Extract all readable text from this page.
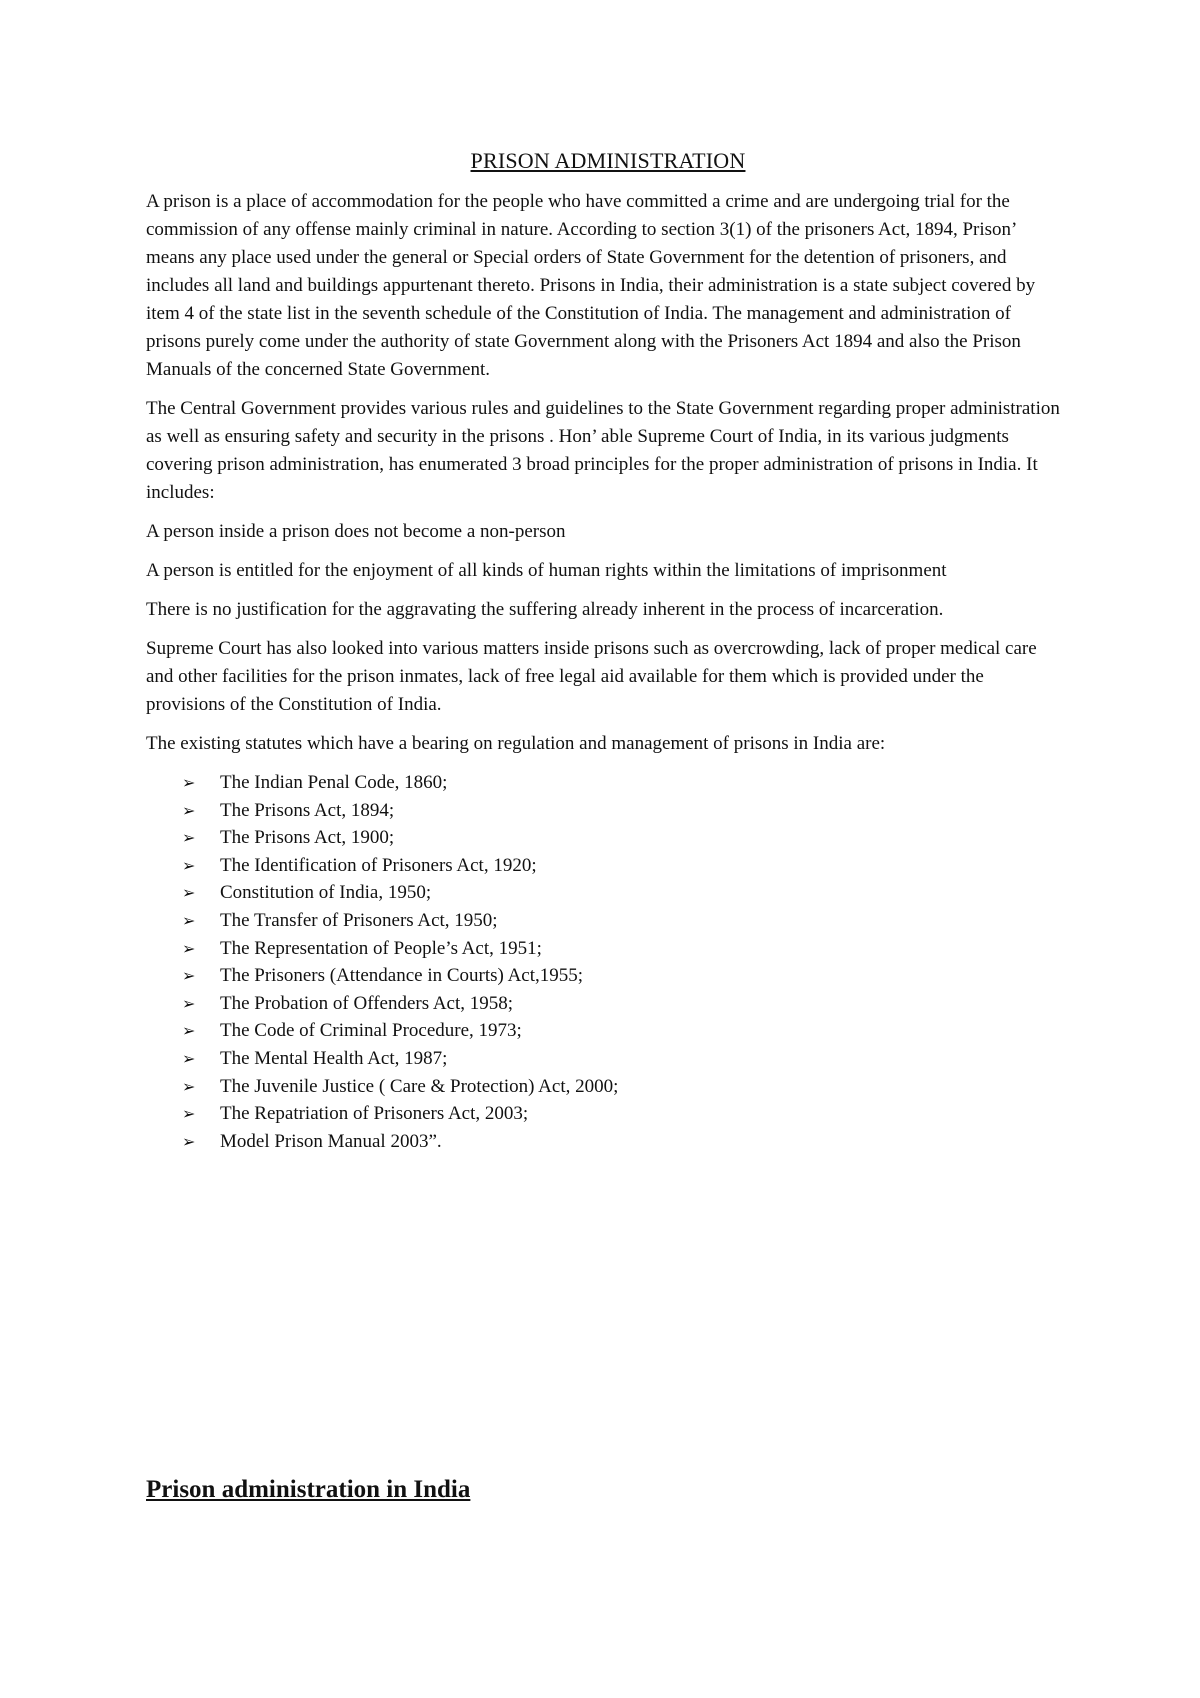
PRISON ADMINISTRATION

A prison is a place of accommodation for the people who have committed a crime and are undergoing trial for the commission of any offense mainly criminal in nature. According to section 3(1) of the prisoners Act, 1894, Prison’ means any place used under the general or Special orders of State Government for the detention of prisoners, and includes all land and buildings appurtenant thereto. Prisons in India, their administration is a state subject covered by item 4 of the state list in the seventh schedule of the Constitution of India. The management and administration of prisons purely come under the authority of state Government along with the Prisoners Act 1894 and also the Prison Manuals of the concerned State Government.

The Central Government provides various rules and guidelines to the State Government regarding proper administration as well as ensuring safety and security in the prisons . Hon’ able Supreme Court of India, in its various judgments covering prison administration, has enumerated 3 broad principles for the proper administration of prisons in India. It includes:

A person inside a prison does not become a non-person

A person is entitled for the enjoyment of all kinds of human rights within the limitations of imprisonment

There is no justification for the aggravating the suffering already inherent in the process of incarceration.

Supreme Court has also looked into various matters inside prisons such as overcrowding, lack of proper medical care and other facilities for the prison inmates, lack of free legal aid available for them which is provided under the provisions of the Constitution of India.

The existing statutes which have a bearing on regulation and management of prisons in India are:

➢ The Indian Penal Code, 1860;
➢ The Prisons Act, 1894;
➢ The Prisons Act, 1900;
➢ The Identification of Prisoners Act, 1920;
➢ Constitution of India, 1950;
➢ The Transfer of Prisoners Act, 1950;
➢ The Representation of People’s Act, 1951;
➢ The Prisoners (Attendance in Courts) Act,1955;
➢ The Probation of Offenders Act, 1958;
➢ The Code of Criminal Procedure, 1973;
➢ The Mental Health Act, 1987;
➢ The Juvenile Justice ( Care & Protection) Act, 2000;
➢ The Repatriation of Prisoners Act, 2003;
➢ Model Prison Manual 2003”.
Prison administration in India
